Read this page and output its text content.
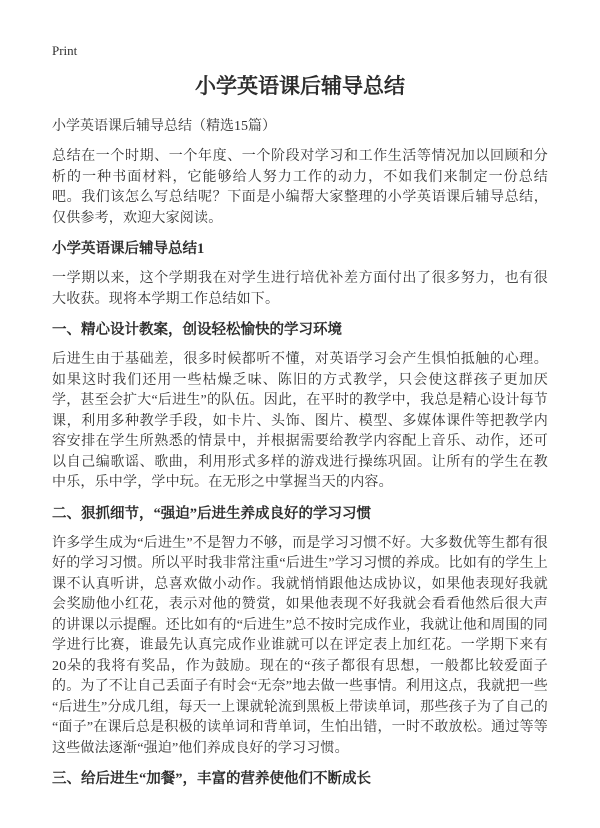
Print
小学英语课后辅导总结
小学英语课后辅导总结（精选15篇）

总结在一个时期、一个年度、一个阶段对学习和工作生活等情况加以回顾和分析的一种书面材料，它能够给人努力工作的动力，不如我们来制定一份总结吧。我们该怎么写总结呢？下面是小编帮大家整理的小学英语课后辅导总结，仅供参考，欢迎大家阅读。

小学英语课后辅导总结1

一学期以来，这个学期我在对学生进行培优补差方面付出了很多努力，也有很大收获。现将本学期工作总结如下。

一、精心设计教案，创设轻松愉快的学习环境

后进生由于基础差，很多时候都听不懂，对英语学习会产生惧怕抵触的心理。如果这时我们还用一些枯燥乏味、陈旧的方式教学，只会使这群孩子更加厌学，甚至会扩大“后进生”的队伍。因此，在平时的教学中，我总是精心设计每节课，利用多种教学手段，如卡片、头饰、图片、模型、多媒体课件等把教学内容安排在学生所熟悉的情景中，并根据需要给教学内容配上音乐、动作，还可以自己编歌谣、歌曲，利用形式多样的游戏进行操练巩固。让所有的学生在教中乐，乐中学，学中玩。在无形之中掌握当天的内容。

二、狠抓细节，“强迫”后进生养成良好的学习习惯

许多学生成为“后进生”不是智力不够，而是学习习惯不好。大多数优等生都有很好的学习习惯。所以平时我非常注重“后进生”学习习惯的养成。比如有的学生上课不认真听讲，总喜欢做小动作。我就悄悄跟他达成协议，如果他表现好我就会奖励他小红花，表示对他的赞赏，如果他表现不好我就会看看他然后很大声的讲课以示提醒。还比如有的“后进生”总不按时完成作业，我就让他和周围的同学进行比赛，谁最先认真完成作业谁就可以在评定表上加红花。一学期下来有20朵的我将有奖品，作为鼓励。现在的“孩子都很有思想，一般都比较爱面子的。为了不让自己丢面子有时会“无奈”地去做一些事情。利用这点，我就把一些“后进生”分成几组，每天一上课就轮流到黑板上带读单词，那些孩子为了自己的“面子”在课后总是积极的读单词和背单词，生怕出错，一时不敢放松。通过等等这些做法逐渐“强迫”他们养成良好的学习习惯。

三、给后进生“加餐”，丰富的营养使他们不断成长
